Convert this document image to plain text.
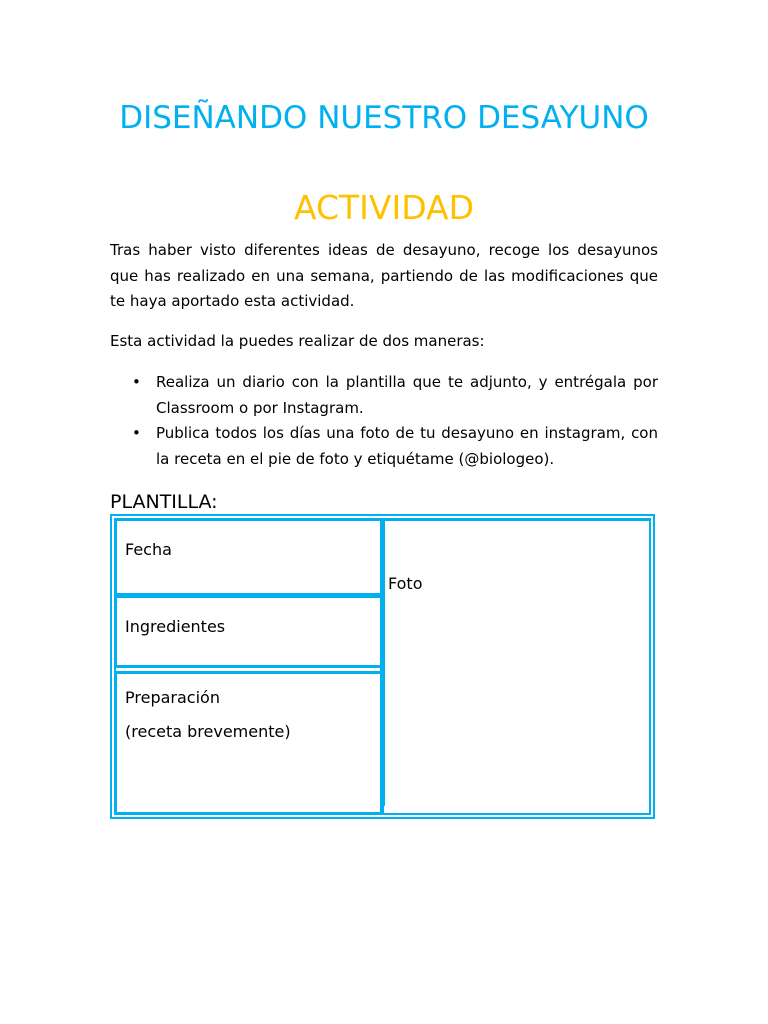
DISEÑANDO NUESTRO DESAYUNO
ACTIVIDAD

Tras haber visto diferentes ideas de desayuno, recoge los desayunos que has realizado en una semana, partiendo de las modificaciones que te haya aportado esta actividad.

Esta actividad la puedes realizar de dos maneras:

• Realiza un diario con la plantilla que te adjunto, y entrégala por Classroom o por Instagram.
• Publica todos los días una foto de tu desayuno en instagram, con la receta en el pie de foto y etiquétame (@biologeo).
PLANTILLA:

Foto

Fecha

Ingredientes

Preparación
(receta brevemente)
